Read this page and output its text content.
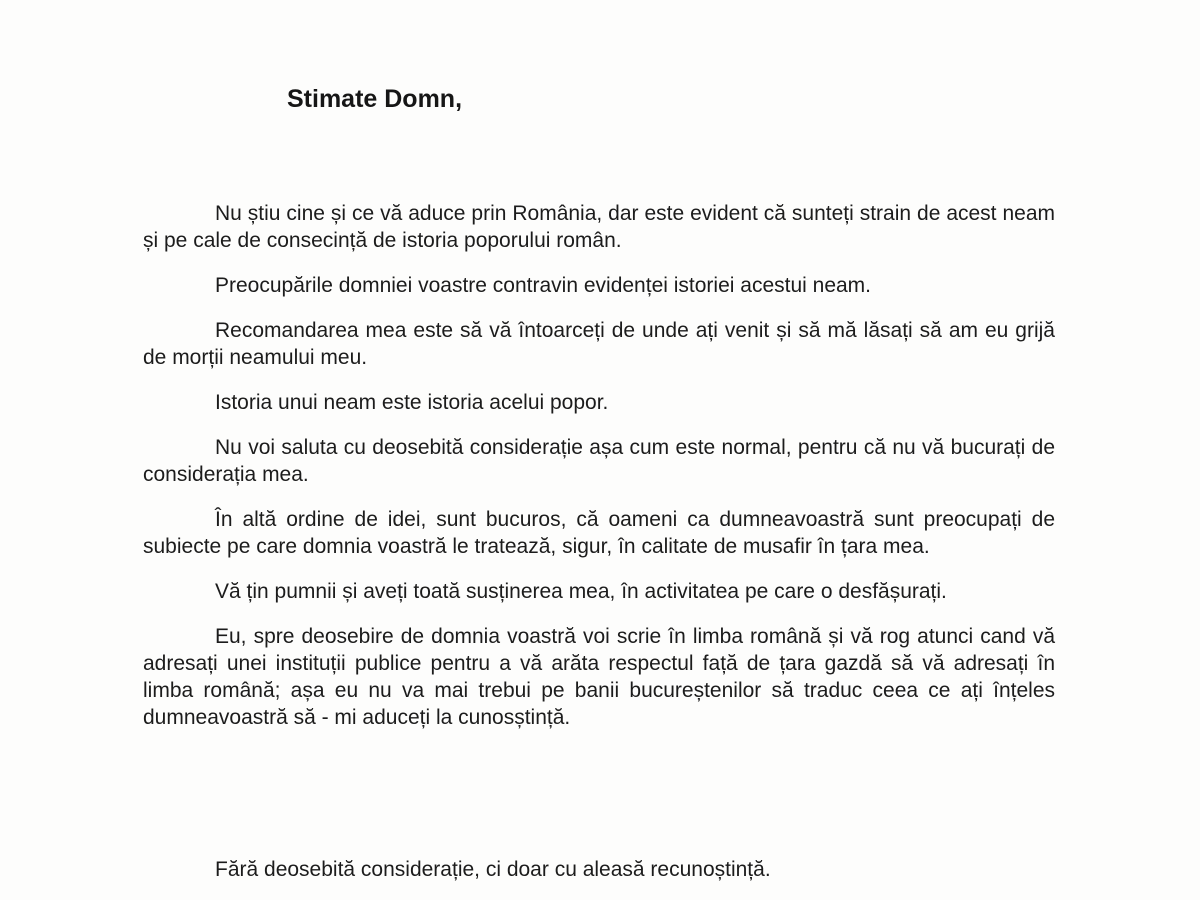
Stimate Domn,

Nu știu cine și ce vă aduce prin România, dar este evident că sunteți strain de acest neam și pe cale de consecință de istoria poporului român.

Preocupările domniei voastre contravin evidenței istoriei acestui neam.

Recomandarea mea este să vă întoarceți de unde ați venit și să mă lăsați să am eu grijă de morții neamului meu.

Istoria unui neam este istoria acelui popor.

Nu voi saluta cu deosebită considerație așa cum este normal, pentru că nu vă bucurați de considerația mea.

În altă ordine de idei, sunt bucuros, că oameni ca dumneavoastră sunt preocupați de subiecte pe care domnia voastră le tratează, sigur, în calitate de musafir în țara mea.

Vă țin pumnii și aveți toată susținerea mea, în activitatea pe care o desfășurați.

Eu, spre deosebire de domnia voastră voi scrie în limba română și vă rog atunci cand vă adresați unei instituții publice pentru a vă arăta respectul față de țara gazdă să vă adresați în limba română; așa eu nu va mai trebui pe banii bucureștenilor să traduc ceea ce ați înțeles dumneavoastră să - mi aduceți la cunosștință.

Fără deosebită considerație, ci doar cu aleasă recunoștință.
